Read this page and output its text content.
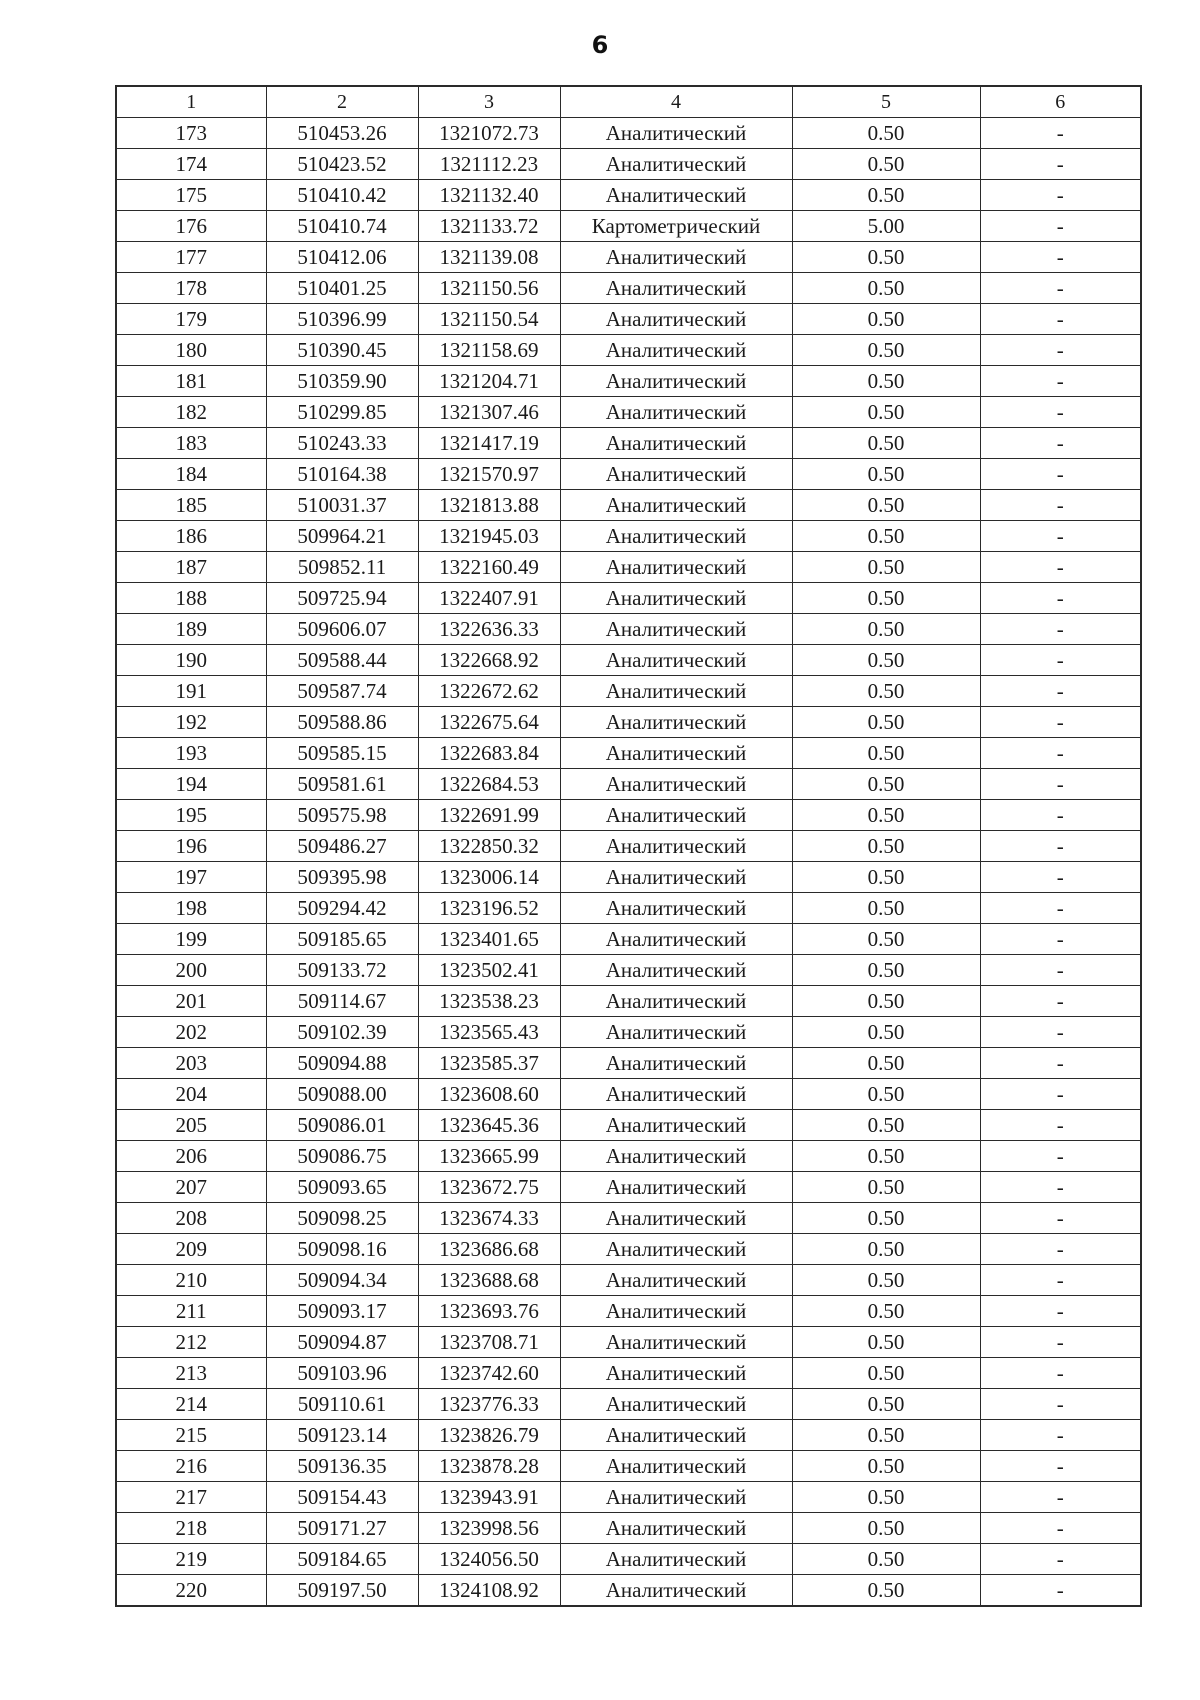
6
1	2	3	4	5	6
173	510453.26	1321072.73	Аналитический	0.50	-
174	510423.52	1321112.23	Аналитический	0.50	-
175	510410.42	1321132.40	Аналитический	0.50	-
176	510410.74	1321133.72	Картометрический	5.00	-
177	510412.06	1321139.08	Аналитический	0.50	-
178	510401.25	1321150.56	Аналитический	0.50	-
179	510396.99	1321150.54	Аналитический	0.50	-
180	510390.45	1321158.69	Аналитический	0.50	-
181	510359.90	1321204.71	Аналитический	0.50	-
182	510299.85	1321307.46	Аналитический	0.50	-
183	510243.33	1321417.19	Аналитический	0.50	-
184	510164.38	1321570.97	Аналитический	0.50	-
185	510031.37	1321813.88	Аналитический	0.50	-
186	509964.21	1321945.03	Аналитический	0.50	-
187	509852.11	1322160.49	Аналитический	0.50	-
188	509725.94	1322407.91	Аналитический	0.50	-
189	509606.07	1322636.33	Аналитический	0.50	-
190	509588.44	1322668.92	Аналитический	0.50	-
191	509587.74	1322672.62	Аналитический	0.50	-
192	509588.86	1322675.64	Аналитический	0.50	-
193	509585.15	1322683.84	Аналитический	0.50	-
194	509581.61	1322684.53	Аналитический	0.50	-
195	509575.98	1322691.99	Аналитический	0.50	-
196	509486.27	1322850.32	Аналитический	0.50	-
197	509395.98	1323006.14	Аналитический	0.50	-
198	509294.42	1323196.52	Аналитический	0.50	-
199	509185.65	1323401.65	Аналитический	0.50	-
200	509133.72	1323502.41	Аналитический	0.50	-
201	509114.67	1323538.23	Аналитический	0.50	-
202	509102.39	1323565.43	Аналитический	0.50	-
203	509094.88	1323585.37	Аналитический	0.50	-
204	509088.00	1323608.60	Аналитический	0.50	-
205	509086.01	1323645.36	Аналитический	0.50	-
206	509086.75	1323665.99	Аналитический	0.50	-
207	509093.65	1323672.75	Аналитический	0.50	-
208	509098.25	1323674.33	Аналитический	0.50	-
209	509098.16	1323686.68	Аналитический	0.50	-
210	509094.34	1323688.68	Аналитический	0.50	-
211	509093.17	1323693.76	Аналитический	0.50	-
212	509094.87	1323708.71	Аналитический	0.50	-
213	509103.96	1323742.60	Аналитический	0.50	-
214	509110.61	1323776.33	Аналитический	0.50	-
215	509123.14	1323826.79	Аналитический	0.50	-
216	509136.35	1323878.28	Аналитический	0.50	-
217	509154.43	1323943.91	Аналитический	0.50	-
218	509171.27	1323998.56	Аналитический	0.50	-
219	509184.65	1324056.50	Аналитический	0.50	-
220	509197.50	1324108.92	Аналитический	0.50	-
